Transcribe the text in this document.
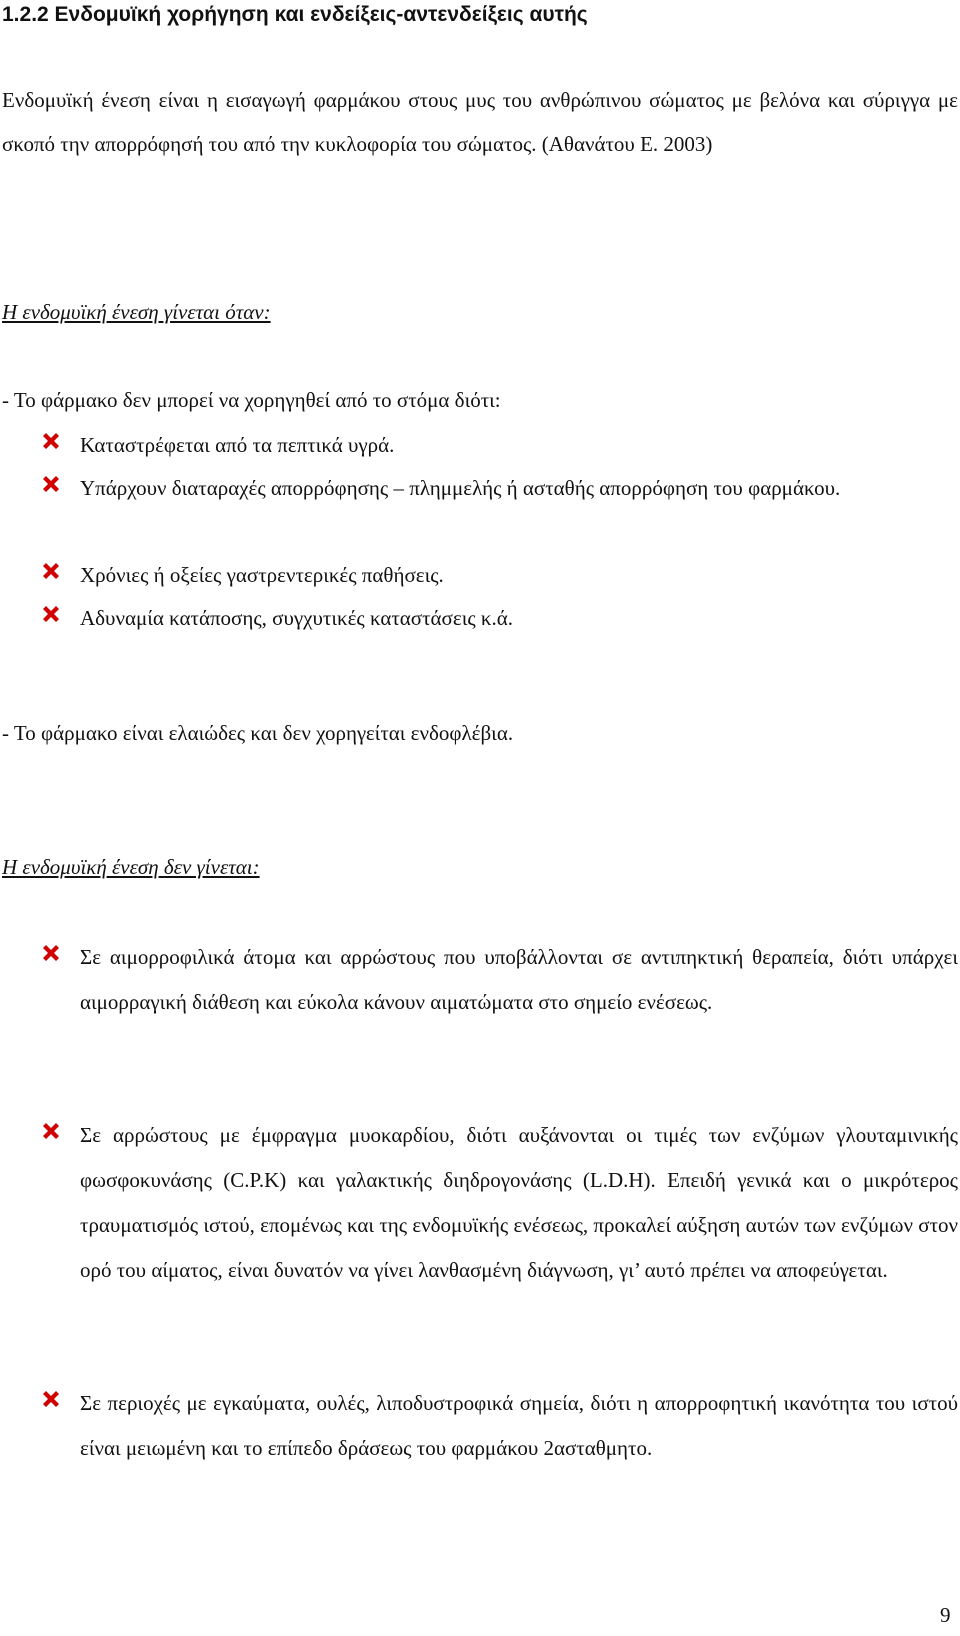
1.2.2 Ενδομυϊκή χορήγηση και ενδείξεις-αντενδείξεις αυτής

Ενδομυϊκή ένεση είναι η εισαγωγή φαρμάκου στους μυς του ανθρώπινου σώματος με βελόνα και σύριγγα με σκοπό την απορρόφησή του από την κυκλοφορία του σώματος. (Αθανάτου Ε. 2003)

Η ενδομυϊκή ένεση γίνεται όταν:

- Το φάρμακο δεν μπορεί να χορηγηθεί από το στόμα διότι:

Καταστρέφεται από τα πεπτικά υγρά.

Υπάρχουν διαταραχές απορρόφησης – πλημμελής ή ασταθής απορρόφηση του φαρμάκου.

Χρόνιες ή οξείες γαστρεντερικές παθήσεις.

Αδυναμία κατάποσης, συγχυτικές καταστάσεις κ.ά.

- Το φάρμακο είναι ελαιώδες και δεν χορηγείται ενδοφλέβια.

Η ενδομυϊκή ένεση δεν γίνεται:

Σε αιμορροφιλικά άτομα και αρρώστους που υποβάλλονται σε αντιπηκτική θεραπεία, διότι υπάρχει αιμορραγική διάθεση και εύκολα κάνουν αιματώματα στο σημείο ενέσεως.

Σε αρρώστους με έμφραγμα μυοκαρδίου, διότι αυξάνονται οι τιμές των ενζύμων γλουταμινικής φωσφοκυνάσης (C.P.K) και γαλακτικής διηδρογονάσης (L.D.H). Επειδή γενικά και ο μικρότερος τραυματισμός ιστού, επομένως και της ενδομυϊκής ενέσεως, προκαλεί αύξηση αυτών των ενζύμων στον ορό του αίματος, είναι δυνατόν να γίνει λανθασμένη διάγνωση, γι’ αυτό πρέπει να αποφεύγεται.

Σε περιοχές με εγκαύματα, ουλές, λιποδυστροφικά σημεία, διότι η απορροφητική ικανότητα του ιστού είναι μειωμένη και το επίπεδο δράσεως του φαρμάκου 2ασταθμητο.

9
